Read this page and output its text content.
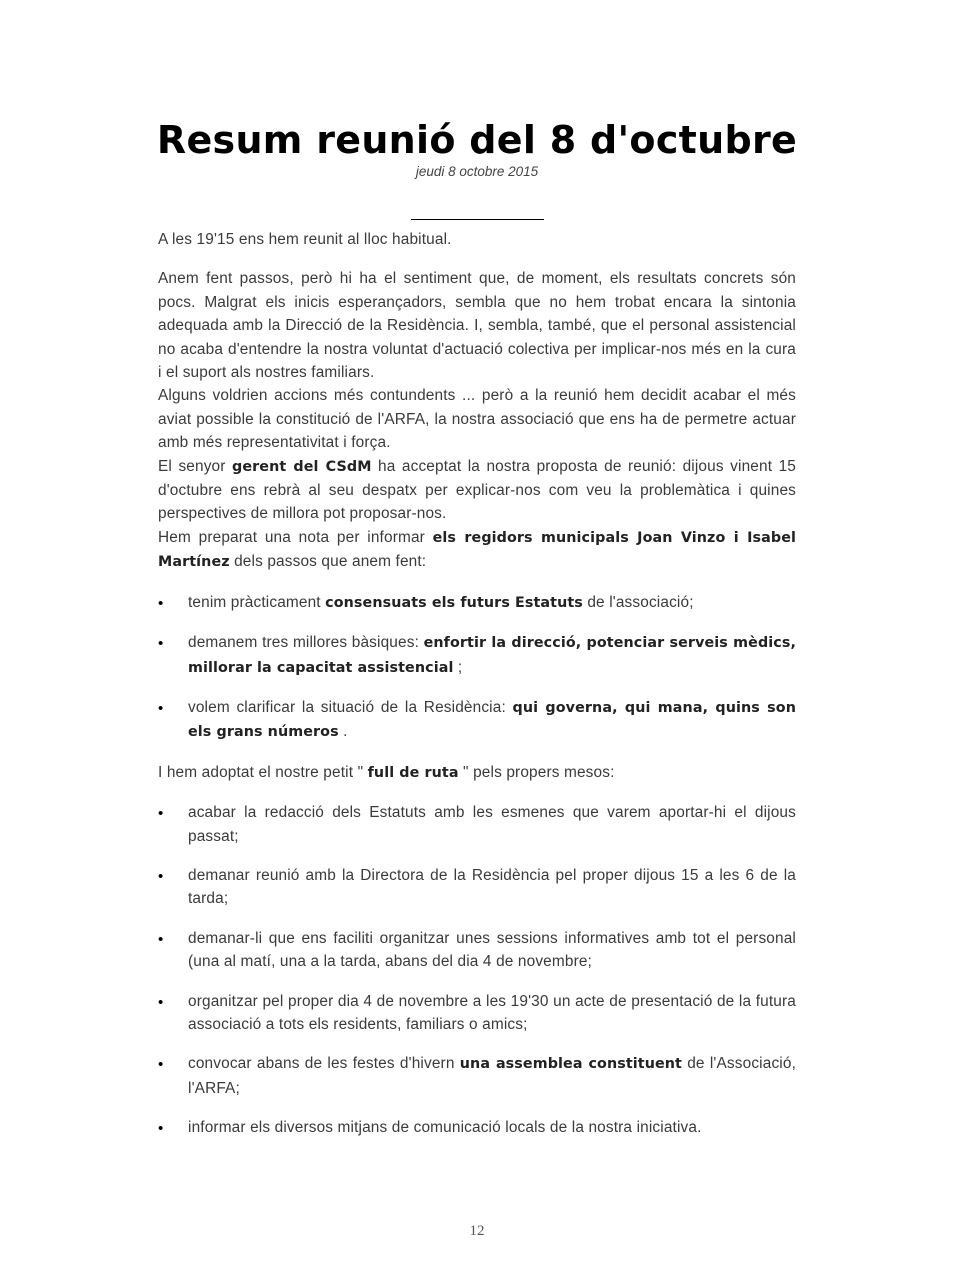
Resum reunió del 8 d'octubre
jeudi 8 octobre 2015

A les 19'15 ens hem reunit al lloc habitual.

Anem fent passos, però hi ha el sentiment que, de moment, els resultats concrets són pocs. Malgrat els inicis esperançadors, sembla que no hem trobat encara la sintonia adequada amb la Direcció de la Residència. I, sembla, també, que el personal assistencial no acaba d'entendre la nostra voluntat d'actuació colectiva per implicar-nos més en la cura i el suport als nostres familiars.

Alguns voldrien accions més contundents ... però a la reunió hem decidit acabar el més aviat possible la constitució de l'ARFA, la nostra associació que ens ha de permetre actuar amb més representativitat i força.

El senyor gerent del CSdM ha acceptat la nostra proposta de reunió: dijous vinent 15 d'octubre ens rebrà al seu despatx per explicar-nos com veu la problemàtica i quines perspectives de millora pot proposar-nos.

Hem preparat una nota per informar els regidors municipals Joan Vinzo i Isabel Martínez dels passos que anem fent:

• tenim pràcticament consensuats els futurs Estatuts de l'associació;
• demanem tres millores bàsiques: enfortir la direcció, potenciar serveis mèdics, millorar la capacitat assistencial ;
• volem clarificar la situació de la Residència: qui governa, qui mana, quins son els grans números .

I hem adoptat el nostre petit " full de ruta " pels propers mesos:

• acabar la redacció dels Estatuts amb les esmenes que varem aportar-hi el dijous passat;
• demanar reunió amb la Directora de la Residència pel proper dijous 15 a les 6 de la tarda;
• demanar-li que ens faciliti organitzar unes sessions informatives amb tot el personal (una al matí, una a la tarda, abans del dia 4 de novembre;
• organitzar pel proper dia 4 de novembre a les 19'30 un acte de presentació de la futura associació a tots els residents, familiars o amics;
• convocar abans de les festes d'hivern una assemblea constituent de l'Associació, l'ARFA;
• informar els diversos mitjans de comunicació locals de la nostra iniciativa.
12
